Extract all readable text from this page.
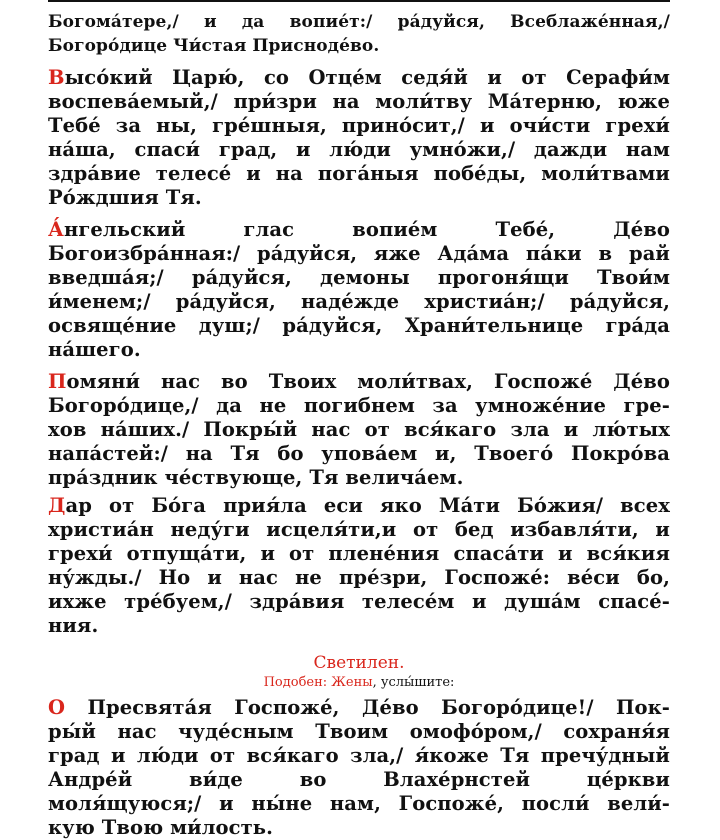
Богома́тере,/ и да вопие́т:/ ра́дуйся, Всеблаже́нная,/
Богоро́дице Чи́стая Приснодéво.

Высо́кий Царю́, со Отце́м седя́й и от Серафи́м
воспева́емый,/ при́зри на моли́тву Ма́терню, юже
Тебе́ за ны, гре́шныя, прино́сит,/ и очи́сти грехи́
на́ша, спаси́ град, и лю́ди умно́жи,/ дажди нам
здра́вие телесе́ и на пога́ныя побе́ды, моли́твами
Ро́ждшия Тя.

А́нгельский глас вопие́м Тебе́, Де́во
Богоизбра́нная:/ ра́дуйся, яже Ада́ма па́ки в рай
введша́я;/ ра́дуйся, демоны прогоня́щи Твои́м
и́менем;/ ра́дуйся, наде́жде христиа́н;/ ра́дуйся,
освяще́ние душ;/ ра́дуйся, Храни́тельнице гра́да
на́шего.

Помяни́ нас во Твоих моли́твах, Госпоже́ Де́во
Богоро́дице,/ да не погибнем за умноже́ние гре-
хов на́ших./ Покры́й нас от вся́каго зла и лю́тых
напа́стей:/ на Тя бо упова́ем и, Твоего́ Покро́ва
пра́здник че́ствующе, Тя велича́ем.

Дар от Бо́га прия́ла еси яко Ма́ти Бо́жия/ всех
христиа́н неду́ги исцеля́ти,и от бед избавля́ти, и
грехи́ отпуща́ти, и от плене́ния спаса́ти и вся́кия
ну́жды./ Но и нас не пре́зри, Госпоже́: ве́си бо,
ихже тре́буем,/ здра́вия телесе́м и душа́м спасе́-
ния.

Светилен.
Подобен: Жены, услы́шите:

О Пресвята́я Госпоже́, Де́во Богоро́дице!/ Пок-
ры́й нас чуде́сным Твоим омофо́ром,/ сохраня́я
град и лю́ди от вся́каго зла,/ я́коже Тя пречу́дный
Андре́й ви́де во Влахе́рнстей це́ркви
моля́щуюся;/ и ны́не нам, Госпоже́, посли́ вели́-
кую Твою ми́лость.
